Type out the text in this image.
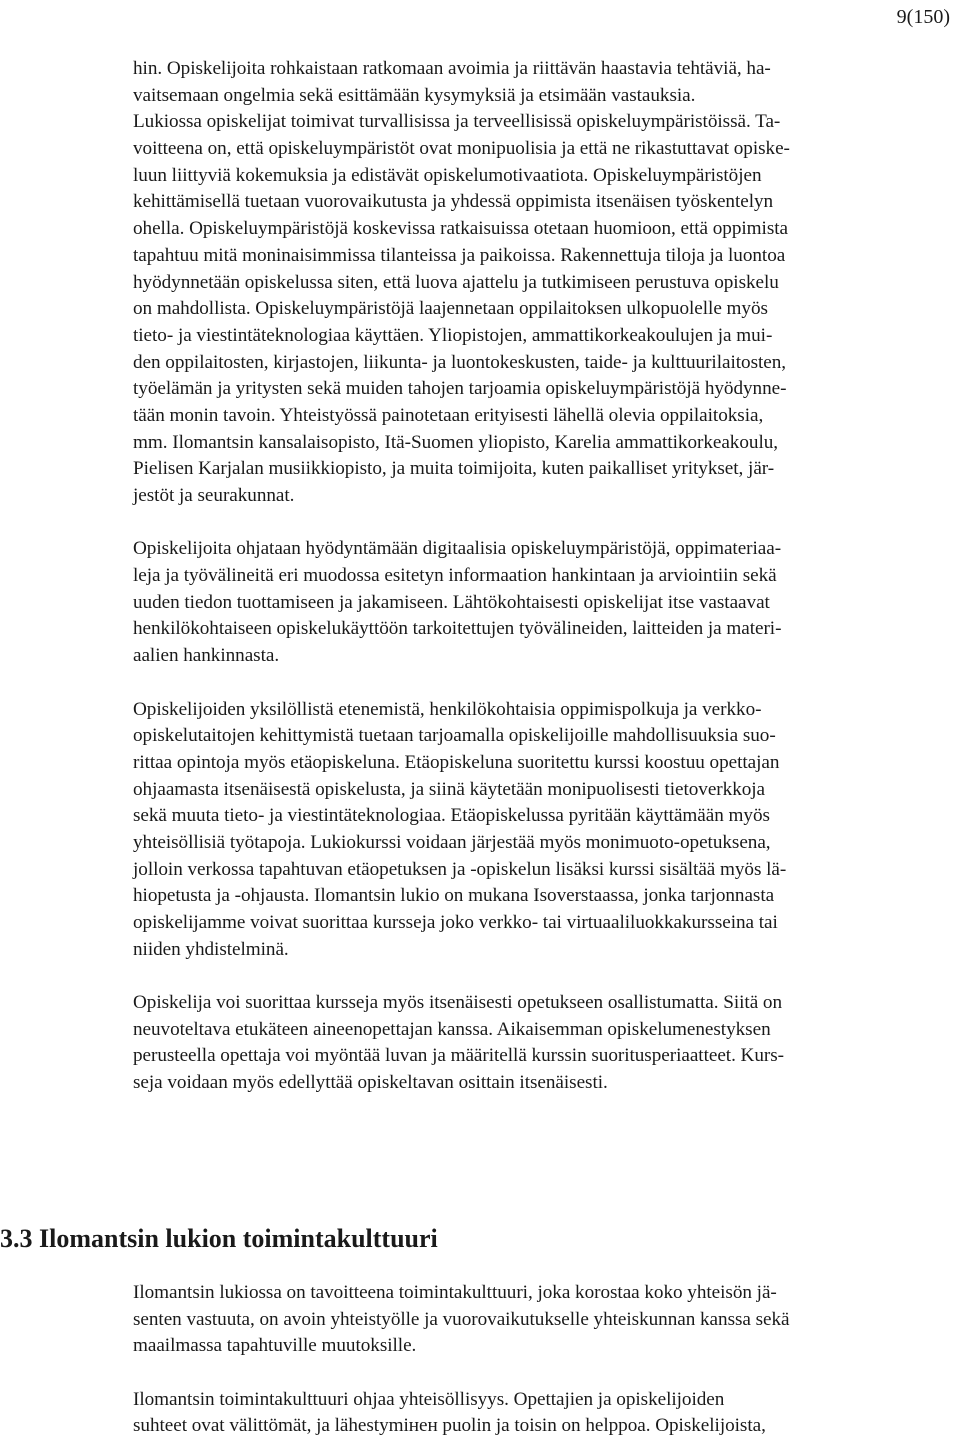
9(150)
hin. Opiskelijoita rohkaistaan ratkomaan avoimia ja riittävän haastavia tehtäviä, ha-
vaitsemaan ongelmia sekä esittämään kysymyksiä ja etsimään vastauksia.
Lukiossa opiskelijat toimivat turvallisissa ja terveellisissä opiskeluympäristöissä. Ta-
voitteena on, että opiskeluympäristöt ovat monipuolisia ja että ne rikastuttavat opiske-
luun liittyviä kokemuksia ja edistävät opiskelumotivaatiota. Opiskeluympäristöjen
kehittämisellä tuetaan vuorovaikutusta ja yhdessä oppimista itsenäisen työskentelyn
ohella. Opiskeluympäristöjä koskevissa ratkaisuissa otetaan huomioon, että oppimista
tapahtuu mitä moninaisimmissa tilanteissa ja paikoissa. Rakennettuja tiloja ja luontoa
hyödynnetään opiskelussa siten, että luova ajattelu ja tutkimiseen perustuva opiskelu
on mahdollista. Opiskeluympäristöjä laajennetaan oppilaitoksen ulkopuolelle myös
tieto- ja viestintäteknologiaa käyttäen. Yliopistojen, ammattikorkeakoulujen ja mui-
den oppilaitosten, kirjastojen, liikunta- ja luontokeskusten, taide- ja kulttuurilaitosten,
työelämän ja yritysten sekä muiden tahojen tarjoamia opiskeluympäristöjä hyödynne-
tään monin tavoin. Yhteistyössä painotetaan erityisesti lähellä olevia oppilaitoksia,
mm. Ilomantsin kansalaisopisto, Itä-Suomen yliopisto, Karelia ammattikorkeakoulu,
Pielisen Karjalan musiikkiopisto, ja muita toimijoita, kuten paikalliset yritykset, jär-
jestöt ja seurakunnat.
Opiskelijoita ohjataan hyödyntämään digitaalisia opiskeluympäristöjä, oppimateriaa-
leja ja työvälineitä eri muodossa esitetyn informaation hankintaan ja arviointiin sekä
uuden tiedon tuottamiseen ja jakamiseen. Lähtökohtaisesti opiskelijat itse vastaavat
henkilökohtaiseen opiskelukäyttöön tarkoitettujen työvälineiden, laitteiden ja materi-
aalien hankinnasta.
Opiskelijoiden yksilöllistä etenemistä, henkilökohtaisia oppimispolkuja ja verkko-
opiskelutaitojen kehittymistä tuetaan tarjoamalla opiskelijoille mahdollisuuksia suo-
rittaa opintoja myös etäopiskeluna. Etäopiskeluna suoritettu kurssi koostuu opettajan
ohjaamasta itsenäisestä opiskelusta, ja siinä käytetään monipuolisesti tietoverkkoja
sekä muuta tieto- ja viestintäteknologiaa. Etäopiskelussa pyritään käyttämään myös
yhteisöllisiä työtapoja. Lukiokurssi voidaan järjestää myös monimuoto-opetuksena,
jolloin verkossa tapahtuvan etäopetuksen ja -opiskelun lisäksi kurssi sisältää myös lä-
hiopetusta ja -ohjausta. Ilomantsin lukio on mukana Isoverstaassa, jonka tarjonnasta
opiskelijamme voivat suorittaa kursseja joko verkko- tai virtuaaliluokkakursseina tai
niiden yhdistelminä.
Opiskelija voi suorittaa kursseja myös itsenäisesti opetukseen osallistumatta. Siitä on
neuvoteltava etukäteen aineenopettajan kanssa. Aikaisemman opiskelumenestyksen
perusteella opettaja voi myöntää luvan ja määritellä kurssin suoritusperiaatteet. Kurs-
seja voidaan myös edellyttää opiskeltavan osittain itsenäisesti.
3.3 Ilomantsin lukion toimintakulttuuri
Ilomantsin lukiossa on tavoitteena toimintakulttuuri, joka korostaa koko yhteisön jä-
senten vastuuta, on avoin yhteistyölle ja vuorovaikutukselle yhteiskunnan kanssa sekä
maailmassa tapahtuville muutoksille.
Ilomantsin toimintakulttuuri ohjaa yhteisöllisyys. Opettajien ja opiskelijoiden
suhteet ovat välittömät, ja lähestymінен puolin ja toisin on helppoa. Opiskelijoista,
